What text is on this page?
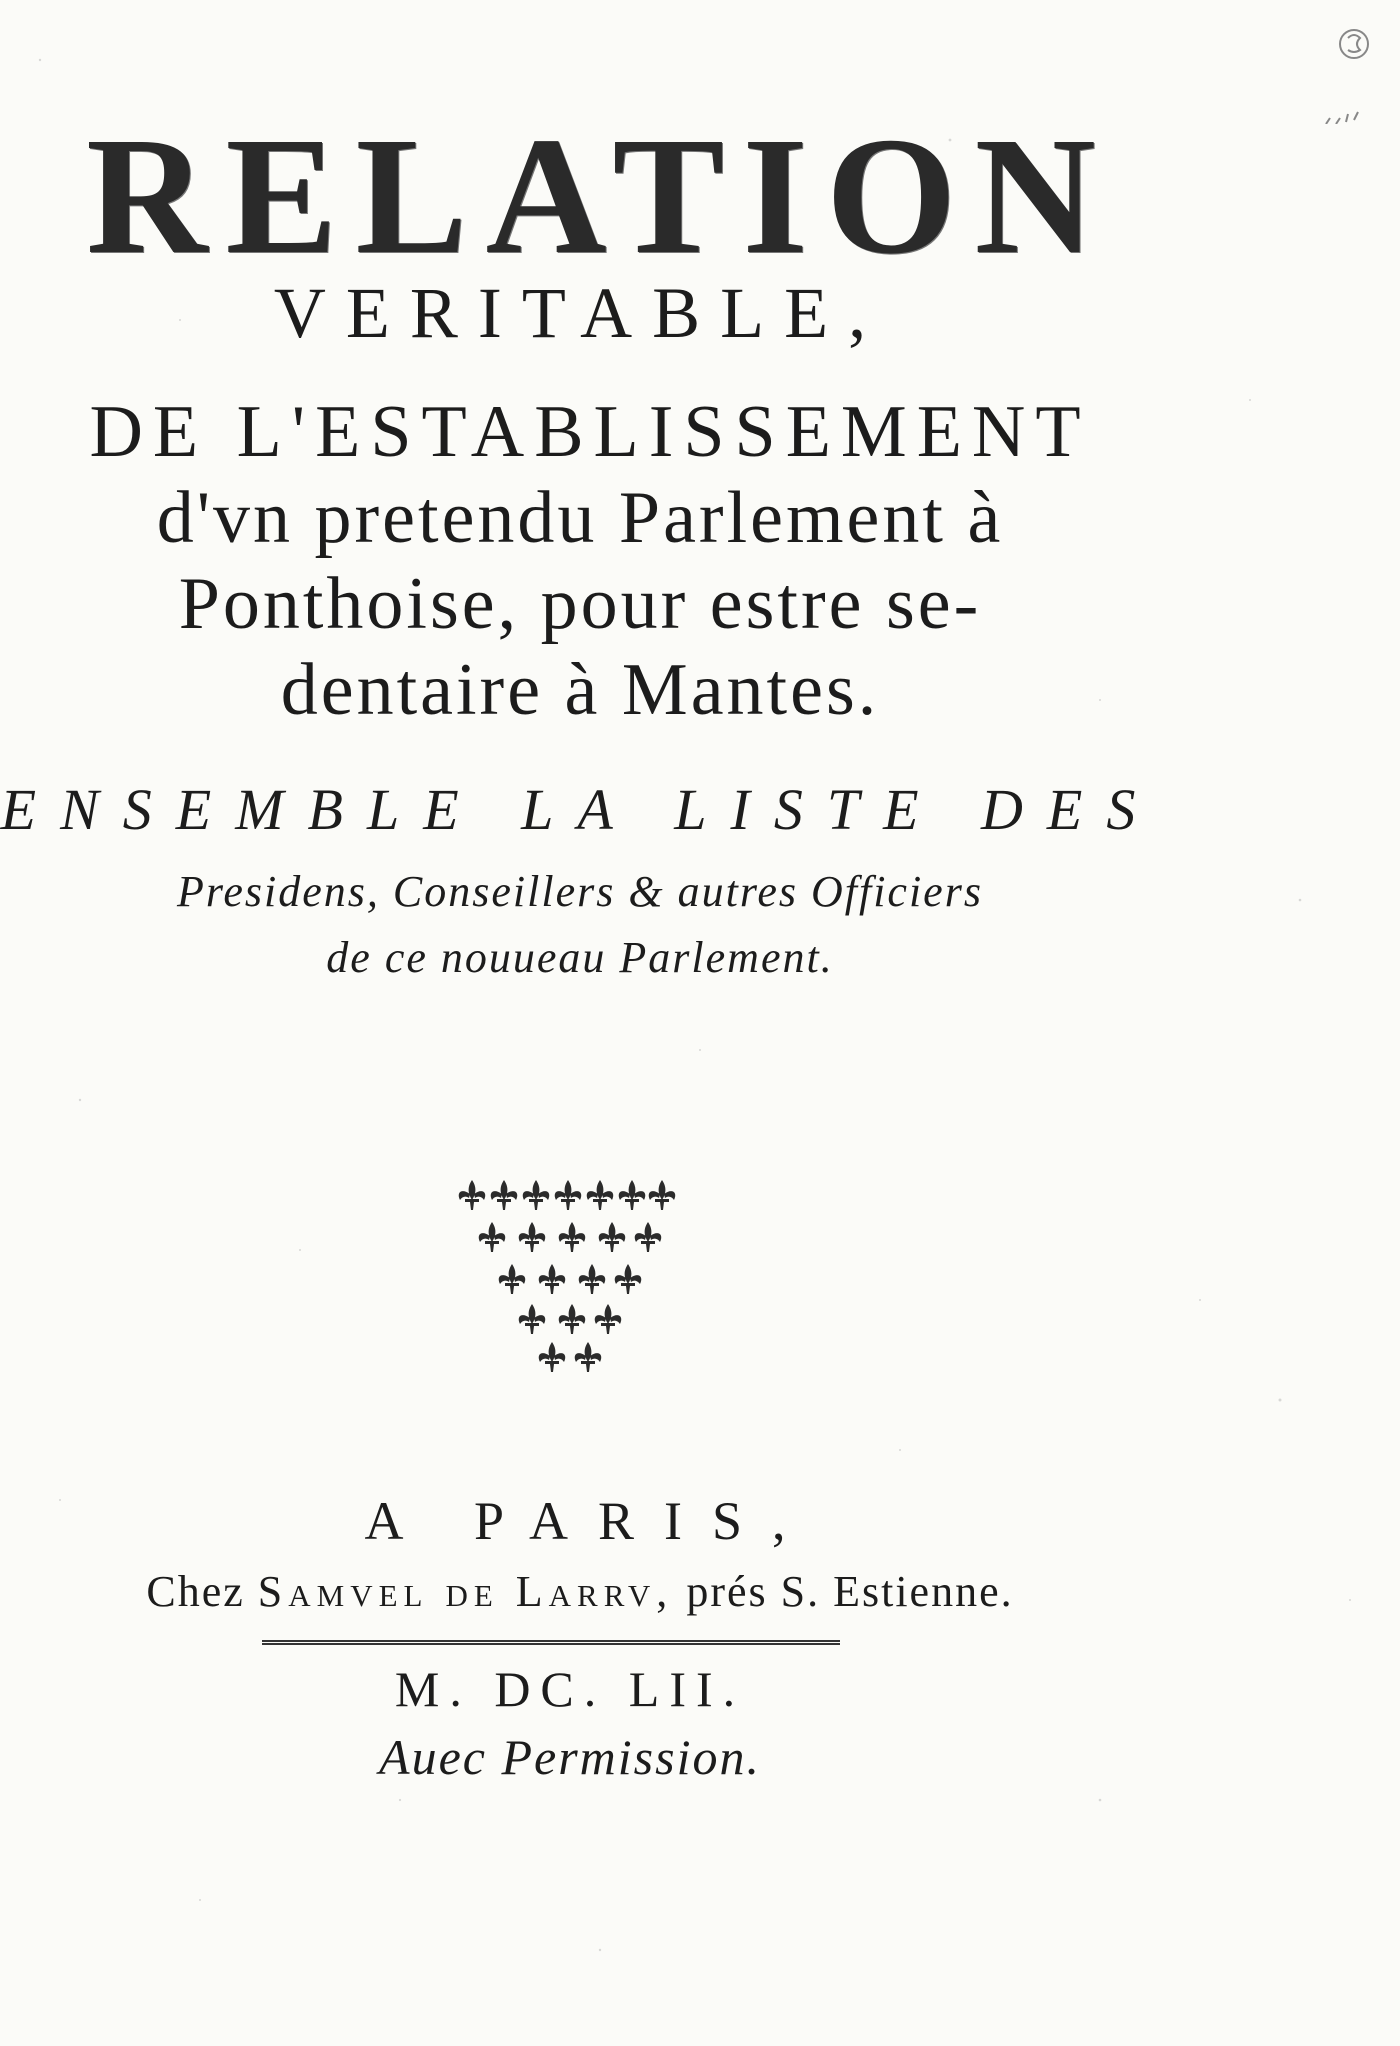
RELATION
VERITABLE,
DE L'ESTABLISSEMENT
d'vn pretendu Parlement à
Ponthoise, pour estre se-
dentaire à Mantes.
ENSEMBLE LA LISTE DES
Presidens, Conseillers & autres Officiers
de ce nouueau Parlement.
A PARIS,
Chez Samvel de Larrv, prés S. Estienne.
M. DC. LII.
Auec Permission.
